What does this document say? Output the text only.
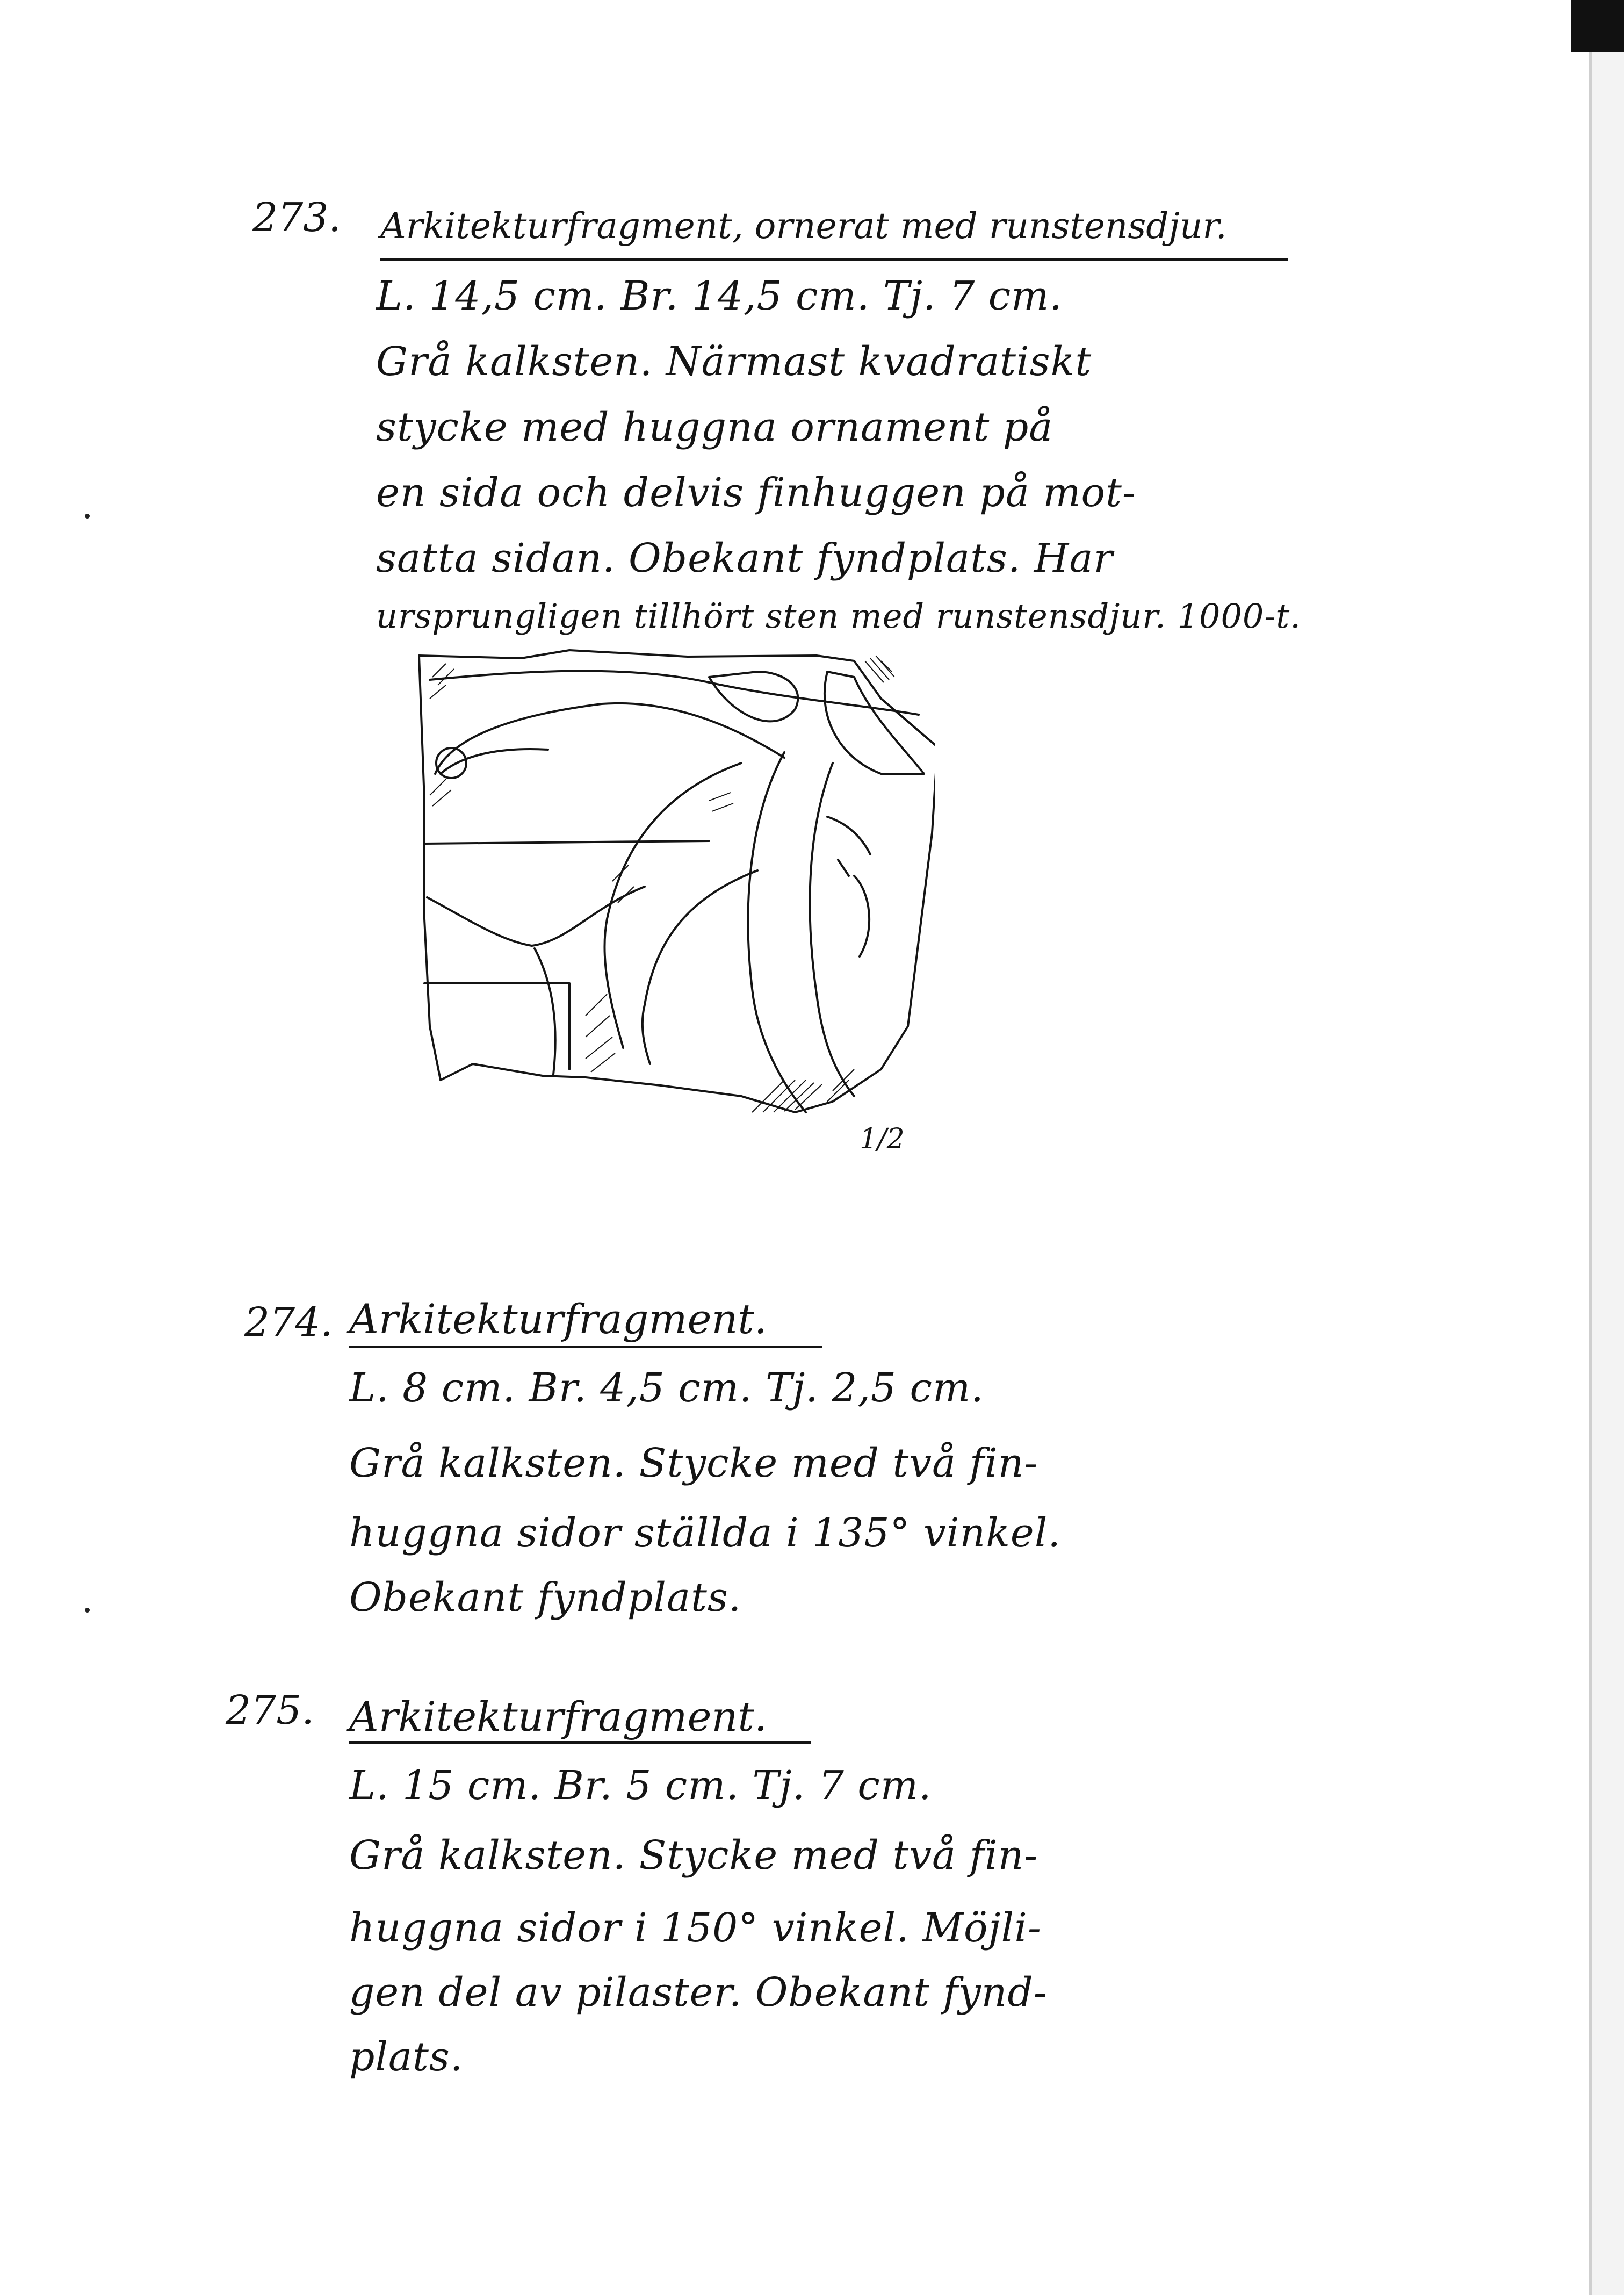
273. Arkitekturfragment, ornerat med runstensdjur.
L. 14,5 cm. Br. 14,5 cm. Tj. 7 cm.
Grå kalksten. Närmast kvadratiskt
stycke med huggna ornament på
en sida och delvis finhuggen på mot-
satta sidan. Obekant fyndplats. Har
ursprungligen tillhört sten med runstensdjur. 1000-t.
1/2
274. Arkitekturfragment.
L. 8 cm. Br. 4,5 cm. Tj. 2,5 cm.
Grå kalksten. Stycke med två fin-
huggna sidor ställda i 135° vinkel.
Obekant fyndplats.
275. Arkitekturfragment.
L. 15 cm. Br. 5 cm. Tj. 7 cm.
Grå kalksten. Stycke med två fin-
huggna sidor i 150° vinkel. Möjli-
gen del av pilaster. Obekant fynd-
plats.
